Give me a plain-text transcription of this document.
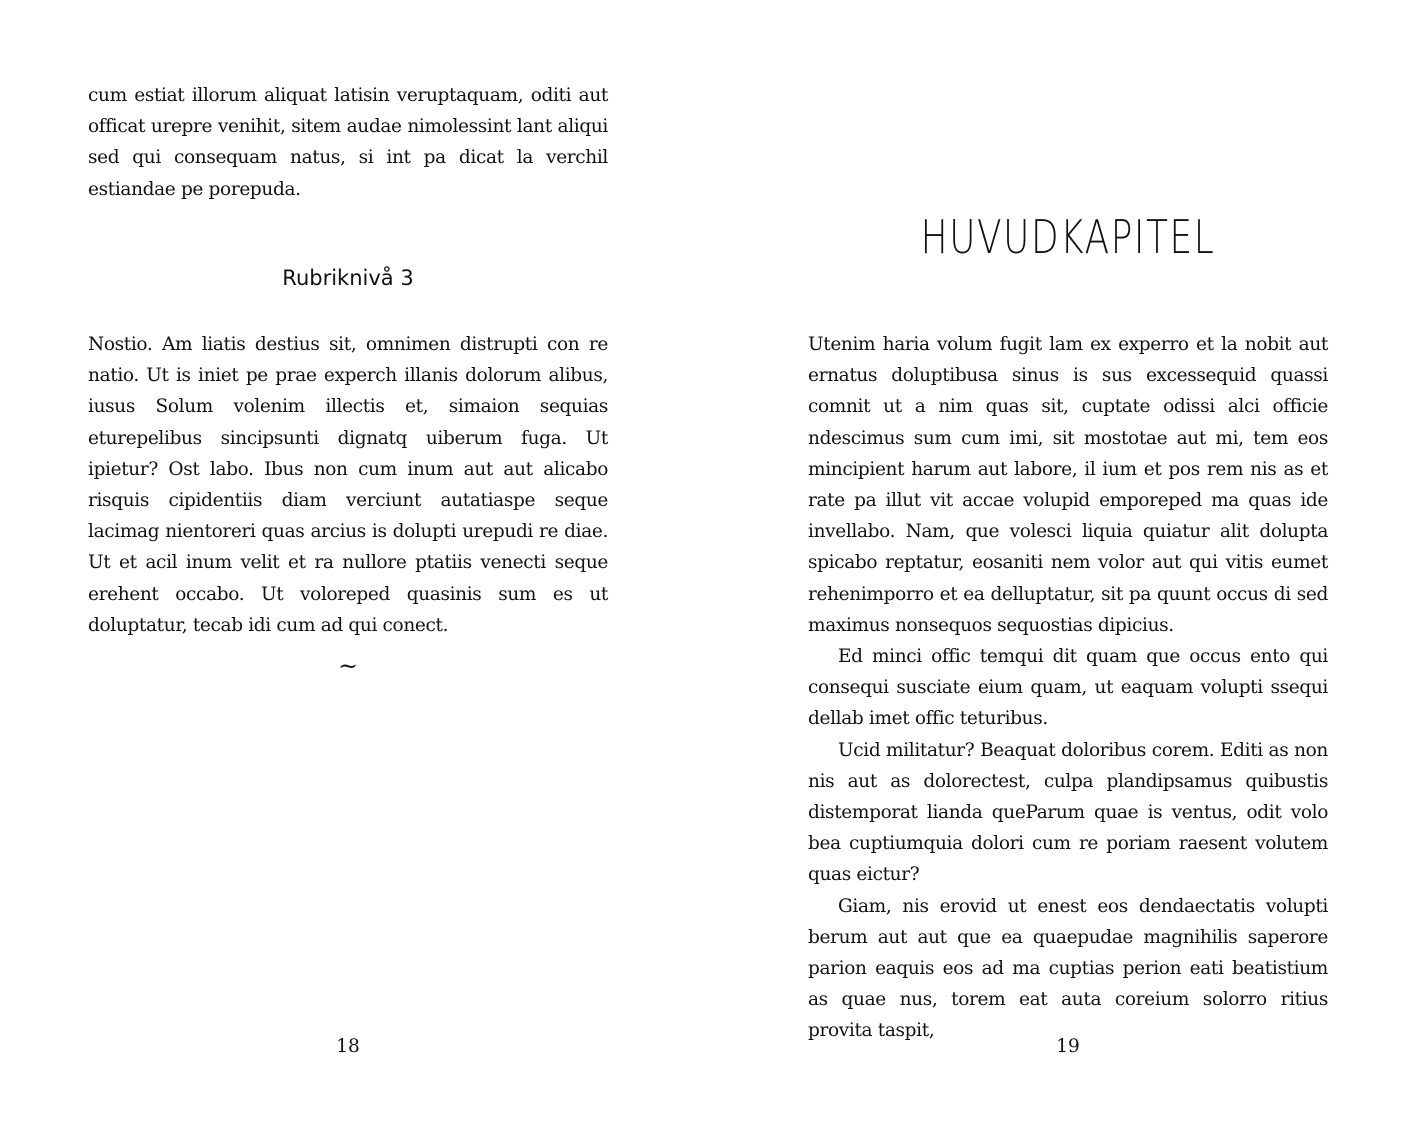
cum estiat illorum aliquat latisin veruptaquam, oditi aut officat urepre venihit, sitem audae nimolessint lant aliqui sed qui consequam natus, si int pa dicat la verchil estiandae pe porepuda.

Rubriknivå 3

Nostio. Am liatis destius sit, omnimen distrupti con re natio. Ut is iniet pe prae experch illanis dolorum alibus, iusus Solum volenim illectis et, simaion sequias eturepelibus sincipsunti dignatq uiberum fuga. Ut ipietur? Ost labo. Ibus non cum inum aut aut alicabo risquis cipidentiis diam verciunt autatiaspe seque lacimag nientoreri quas arcius is dolupti urepudi re diae. Ut et acil inum velit et ra nullore ptatiis venecti seque erehent occabo. Ut voloreped quasinis sum es ut doluptatur, tecab idi cum ad qui conect.

~

18

HUVUDKAPITEL

Utenim haria volum fugit lam ex experro et la nobit aut ernatus doluptibusa sinus is sus excessequid quassi comnit ut a nim quas sit, cuptate odissi alci officie ndescimus sum cum imi, sit mostotae aut mi, tem eos mincipient harum aut labore, il ium et pos rem nis as et rate pa illut vit accae volupid emporeped ma quas ide invellabo. Nam, que volesci liquia quiatur alit dolupta spicabo reptatur, eosaniti nem volor aut qui vitis eumet rehenimporro et ea delluptatur, sit pa quunt occus di sed maximus nonsequos sequostias dipicius.

Ed minci offic temqui dit quam que occus ento qui consequi susciate eium quam, ut eaquam volupti ssequi dellab imet offic teturibus.

Ucid militatur? Beaquat doloribus corem. Editi as non nis aut as dolorectest, culpa plandipsamus quibustis distemporat lianda queParum quae is ventus, odit volo bea cuptiumquia dolori cum re poriam raesent volutem quas eictur?

Giam, nis erovid ut enest eos dendaectatis volupti berum aut aut que ea quaepudae magnihilis saperore parion eaquis eos ad ma cuptias perion eati beatistium as quae nus, torem eat auta coreium solorro ritius provita taspit,

19
